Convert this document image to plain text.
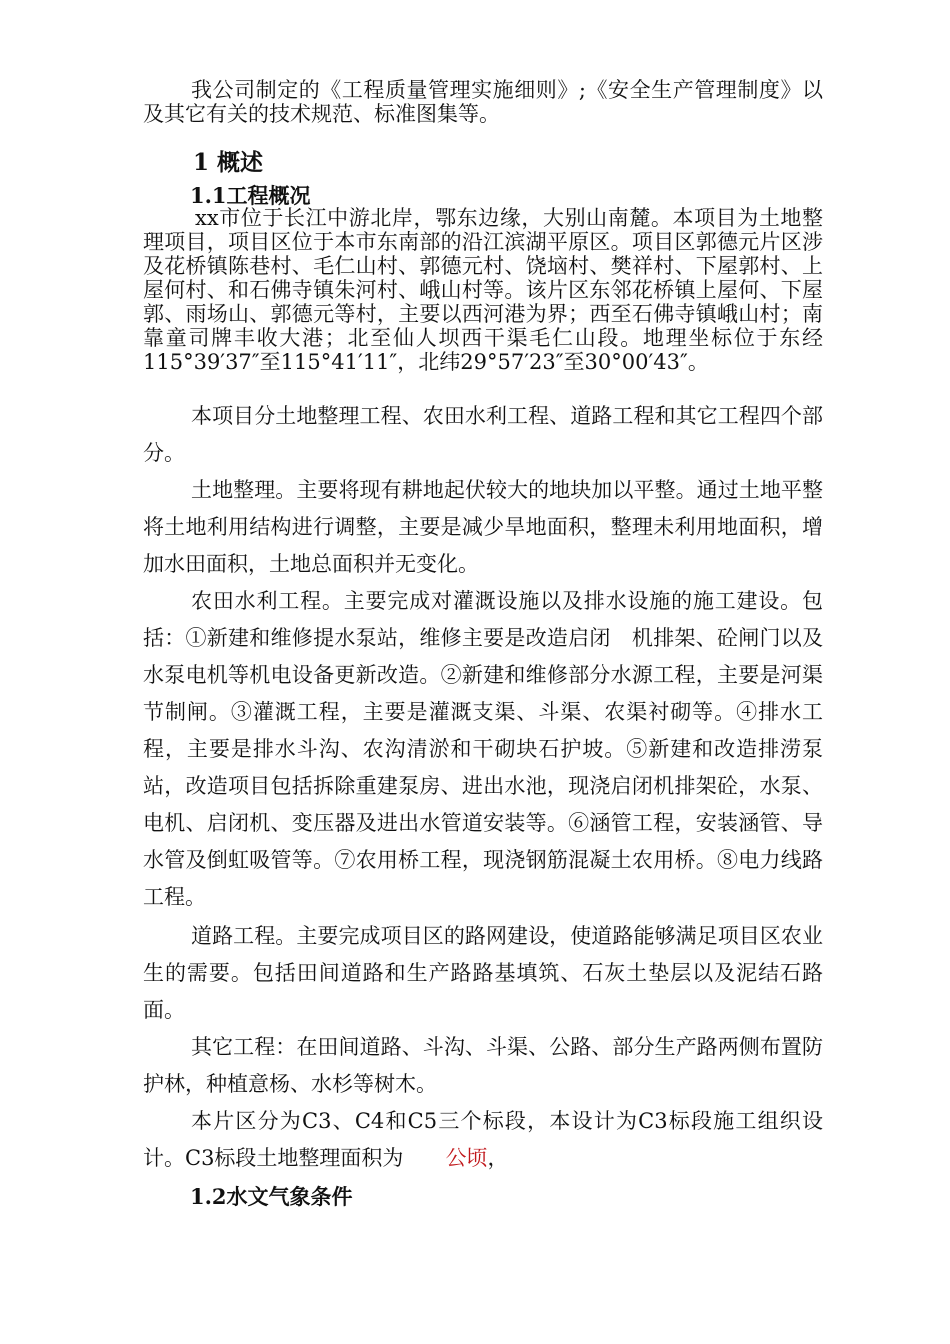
我公司制定的《工程质量管理实施细则》;《安全生产管理制度》以及其它有关的技术规范、标准图集等。

1 概述
1.1工程概况

xx市位于长江中游北岸，鄂东边缘，大别山南麓。本项目为土地整理项目，项目区位于本市东南部的沿江滨湖平原区。项目区郭德元片区涉及花桥镇陈巷村、毛仁山村、郭德元村、饶垴村、樊祥村、下屋郭村、上屋何村、和石佛寺镇朱河村、峨山村等。该片区东邻花桥镇上屋何、下屋郭、雨场山、郭德元等村，主要以西河港为界；西至石佛寺镇峨山村；南靠童司牌丰收大港；北至仙人坝西干渠毛仁山段。地理坐标位于东经115°39′37″至115°41′11″，北纬29°57′23″至30°00′43″。

本项目分土地整理工程、农田水利工程、道路工程和其它工程四个部分。

土地整理。主要将现有耕地起伏较大的地块加以平整。通过土地平整将土地利用结构进行调整，主要是减少旱地面积，整理未利用地面积，增加水田面积，土地总面积并无变化。

农田水利工程。主要完成对灌溉设施以及排水设施的施工建设。包括：①新建和维修提水泵站，维修主要是改造启闭　机排架、砼闸门以及水泵电机等机电设备更新改造。②新建和维修部分水源工程，主要是河渠节制闸。③灌溉工程，主要是灌溉支渠、斗渠、农渠衬砌等。④排水工程，主要是排水斗沟、农沟清淤和干砌块石护坡。⑤新建和改造排涝泵站，改造项目包括拆除重建泵房、进出水池，现浇启闭机排架砼，水泵、电机、启闭机、变压器及进出水管道安装等。⑥涵管工程，安装涵管、导水管及倒虹吸管等。⑦农用桥工程，现浇钢筋混凝土农用桥。⑧电力线路工程。

道路工程。主要完成项目区的路网建设，使道路能够满足项目区农业生的需要。包括田间道路和生产路路基填筑、石灰土垫层以及泥结石路面。

其它工程：在田间道路、斗沟、斗渠、公路、部分生产路两侧布置防护林，种植意杨、水杉等树木。

本片区分为C3、C4和C5三个标段，本设计为C3标段施工组织设计。C3标段土地整理面积为 公顷，

1.2水文气象条件
